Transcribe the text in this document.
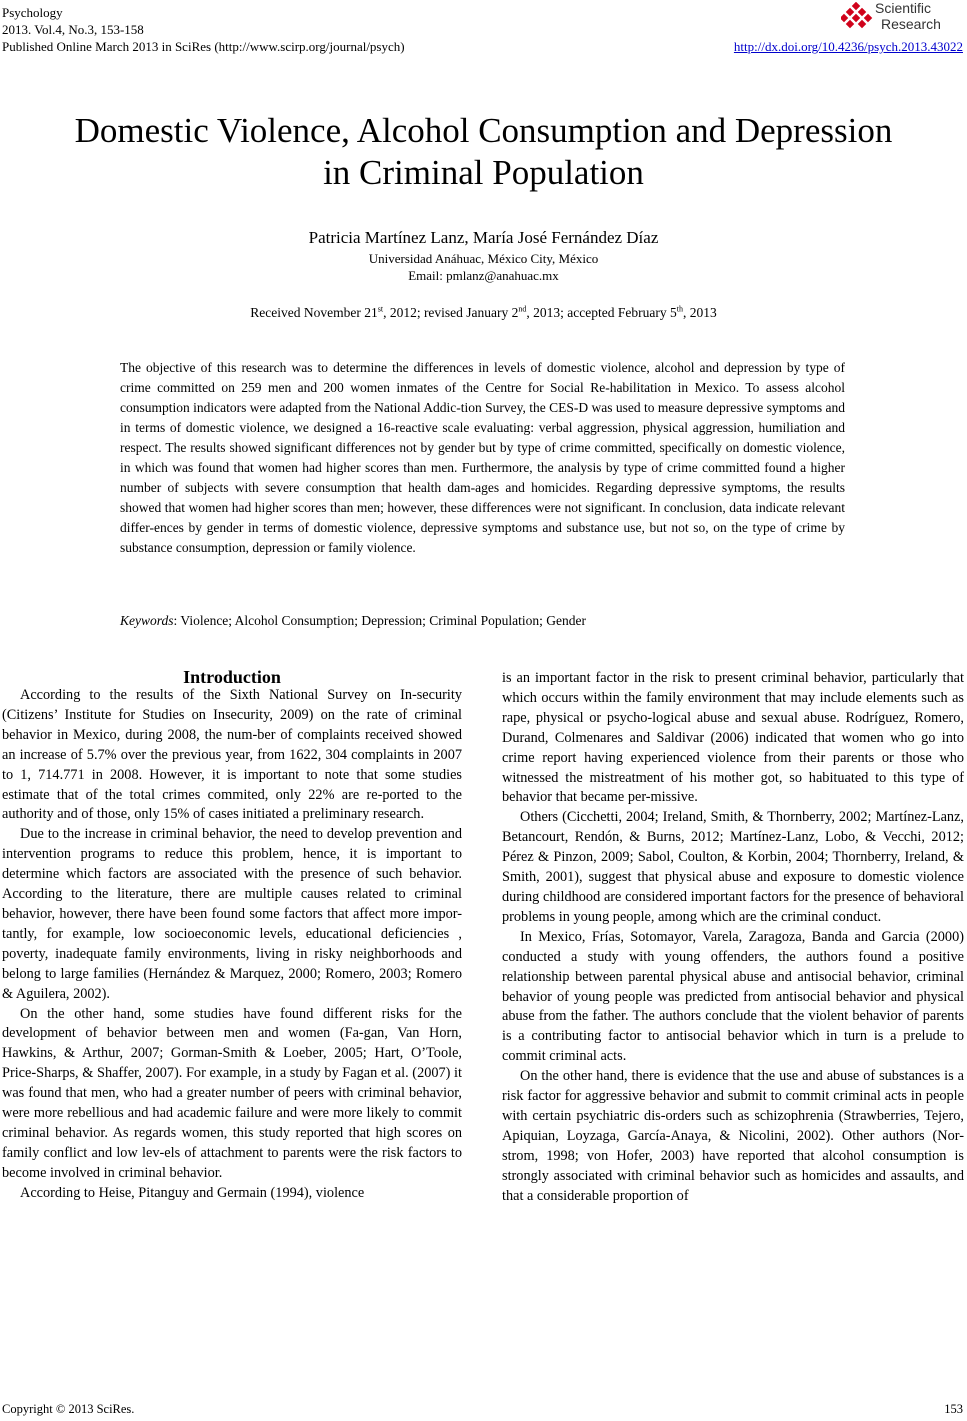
Psychology
2013. Vol.4, No.3, 153-158
Published Online March 2013 in SciRes (http://www.scirp.org/journal/psych)
Scientific
Research
http://dx.doi.org/10.4236/psych.2013.43022
Domestic Violence, Alcohol Consumption and Depression
in Criminal Population
Patricia Martínez Lanz, María José Fernández Díaz
Universidad Anáhuac, México City, México
Email: pmlanz@anahuac.mx
Received November 21st, 2012; revised January 2nd, 2013; accepted February 5th, 2013
The objective of this research was to determine the differences in levels of domestic violence, alcohol and depression by type of crime committed on 259 men and 200 women inmates of the Centre for Social Re-habilitation in Mexico. To assess alcohol consumption indicators were adapted from the National Addic-tion Survey, the CES-D was used to measure depressive symptoms and in terms of domestic violence, we designed a 16-reactive scale evaluating: verbal aggression, physical aggression, humiliation and respect. The results showed significant differences not by gender but by type of crime committed, specifically on domestic violence, in which was found that women had higher scores than men. Furthermore, the analysis by type of crime committed found a higher number of subjects with severe consumption that health dam-ages and homicides. Regarding depressive symptoms, the results showed that women had higher scores than men; however, these differences were not significant. In conclusion, data indicate relevant differ-ences by gender in terms of domestic violence, depressive symptoms and substance use, but not so, on the type of crime by substance consumption, depression or family violence.
Keywords: Violence; Alcohol Consumption; Depression; Criminal Population; Gender
Introduction

According to the results of the Sixth National Survey on In-security (Citizens’ Institute for Studies on Insecurity, 2009) on the rate of criminal behavior in Mexico, during 2008, the num-ber of complaints received showed an increase of 5.7% over the previous year, from 1622, 304 complaints in 2007 to 1, 714.771 in 2008. However, it is important to note that some studies estimate that of the total crimes commited, only 22% are re-ported to the authority and of those, only 15% of cases initiated a preliminary research.

Due to the increase in criminal behavior, the need to develop prevention and intervention programs to reduce this problem, hence, it is important to determine which factors are associated with the presence of such behavior. According to the literature, there are multiple causes related to criminal behavior, however, there have been found some factors that affect more impor-tantly, for example, low socioeconomic levels, educational deficiencies , poverty, inadequate family environments, living in risky neighborhoods and belong to large families (Hernández & Marquez, 2000; Romero, 2003; Romero & Aguilera, 2002).

On the other hand, some studies have found different risks for the development of behavior between men and women (Fa-gan, Van Horn, Hawkins, & Arthur, 2007; Gorman-Smith & Loeber, 2005; Hart, O’Toole, Price-Sharps, & Shaffer, 2007). For example, in a study by Fagan et al. (2007) it was found that men, who had a greater number of peers with criminal behavior, were more rebellious and had academic failure and were more likely to commit criminal behavior. As regards women, this study reported that high scores on family conflict and low lev-els of attachment to parents were the risk factors to become involved in criminal behavior.

According to Heise, Pitanguy and Germain (1994), violence

is an important factor in the risk to present criminal behavior, particularly that which occurs within the family environment that may include elements such as rape, physical or psycho-logical abuse and sexual abuse. Rodríguez, Romero, Durand, Colmenares and Saldivar (2006) indicated that women who go into crime report having experienced violence from their parents or those who witnessed the mistreatment of his mother got, so habituated to this type of behavior that became per-missive.

Others (Cicchetti, 2004; Ireland, Smith, & Thornberry, 2002; Martínez-Lanz, Betancourt, Rendón, & Burns, 2012; Martínez-Lanz, Lobo, & Vecchi, 2012; Pérez & Pinzon, 2009; Sabol, Coulton, & Korbin, 2004; Thornberry, Ireland, & Smith, 2001), suggest that physical abuse and exposure to domestic violence during childhood are considered important factors for the presence of behavioral problems in young people, among which are the criminal conduct.

In Mexico, Frías, Sotomayor, Varela, Zaragoza, Banda and Garcia (2000) conducted a study with young offenders, the authors found a positive relationship between parental physical abuse and antisocial behavior, criminal behavior of young people was predicted from antisocial behavior and physical abuse from the father. The authors conclude that the violent behavior of parents is a contributing factor to antisocial behavior which in turn is a prelude to commit criminal acts.

On the other hand, there is evidence that the use and abuse of substances is a risk factor for aggressive behavior and submit to commit criminal acts in people with certain psychiatric dis-orders such as schizophrenia (Strawberries, Tejero, Apiquian, Loyzaga, García-Anaya, & Nicolini, 2002). Other authors (Nor-strom, 1998; von Hofer, 2003) have reported that alcohol consumption is strongly associated with criminal behavior such as homicides and assaults, and that a considerable proportion of

Copyright © 2013 SciRes.	153
